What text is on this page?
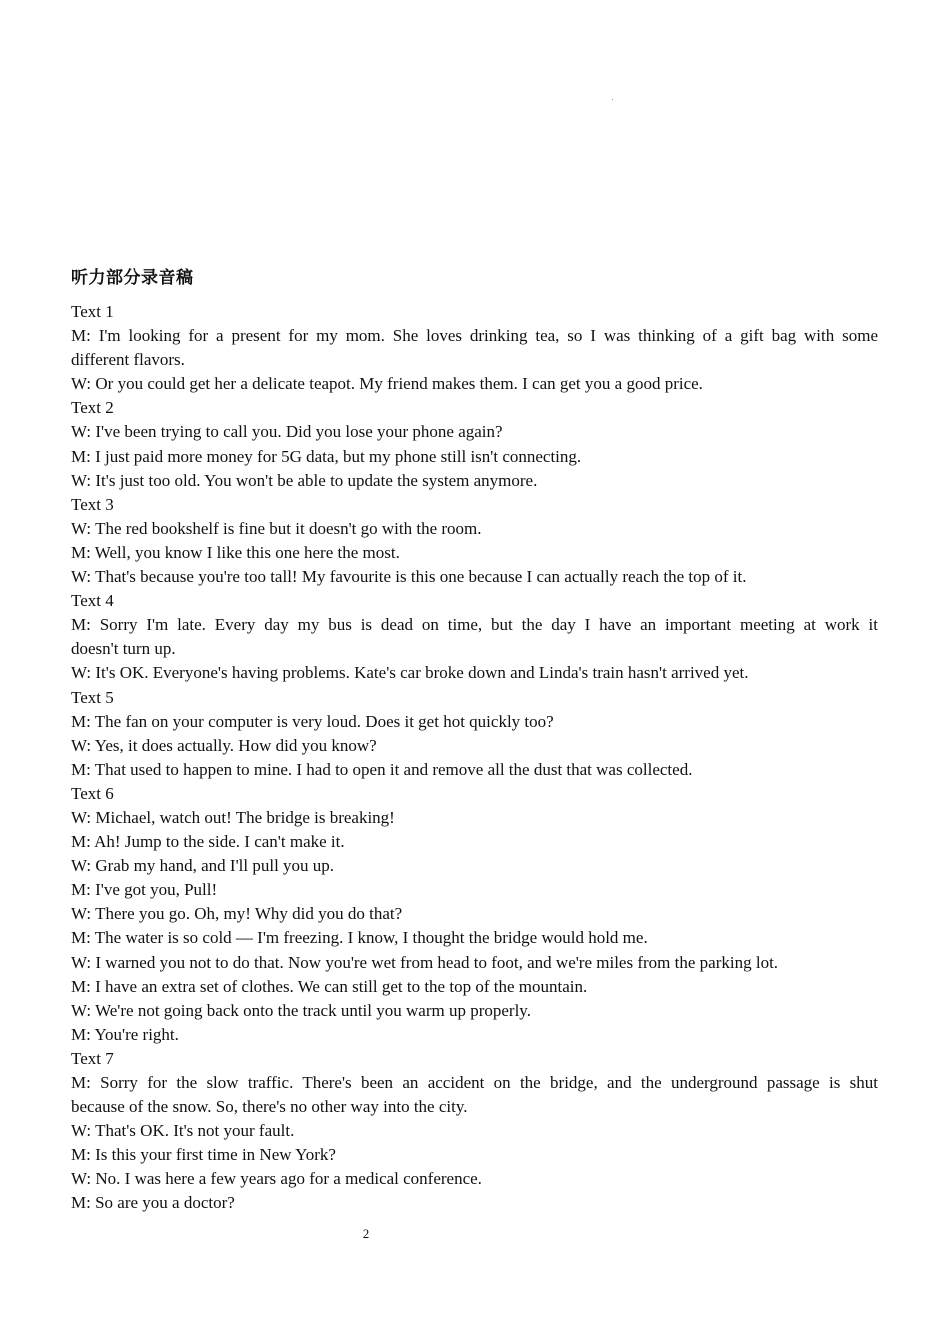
听力部分录音稿
Text 1
M: I'm looking for a present for my mom. She loves drinking tea, so I was thinking of a gift bag with some
different flavors.
W: Or you could get her a delicate teapot. My friend makes them. I can get you a good price.
Text 2
W: I've been trying to call you. Did you lose your phone again?
M: I just paid more money for 5G data, but my phone still isn't connecting.
W: It's just too old. You won't be able to update the system anymore.
Text 3
W: The red bookshelf is fine but it doesn't go with the room.
M: Well, you know I like this one here the most.
W: That's because you're too tall! My favourite is this one because I can actually reach the top of it.
Text 4
M: Sorry I'm late. Every day my bus is dead on time, but the day I have an important meeting at work it
doesn't turn up.
W: It's OK. Everyone's having problems. Kate's car broke down and Linda's train hasn't arrived yet.
Text 5
M: The fan on your computer is very loud. Does it get hot quickly too?
W: Yes, it does actually. How did you know?
M: That used to happen to mine. I had to open it and remove all the dust that was collected.
Text 6
W: Michael, watch out! The bridge is breaking!
M: Ah! Jump to the side. I can't make it.
W: Grab my hand, and I'll pull you up.
M: I've got you, Pull!
W: There you go. Oh, my! Why did you do that?
M: The water is so cold — I'm freezing. I know, I thought the bridge would hold me.
W: I warned you not to do that. Now you're wet from head to foot, and we're miles from the parking lot.
M: I have an extra set of clothes. We can still get to the top of the mountain.
W: We're not going back onto the track until you warm up properly.
M: You're right.
Text 7
M: Sorry for the slow traffic. There's been an accident on the bridge, and the underground passage is shut
because of the snow. So, there's no other way into the city.
W: That's OK. It's not your fault.
M: Is this your first time in New York?
W: No. I was here a few years ago for a medical conference.
M: So are you a doctor?
2
